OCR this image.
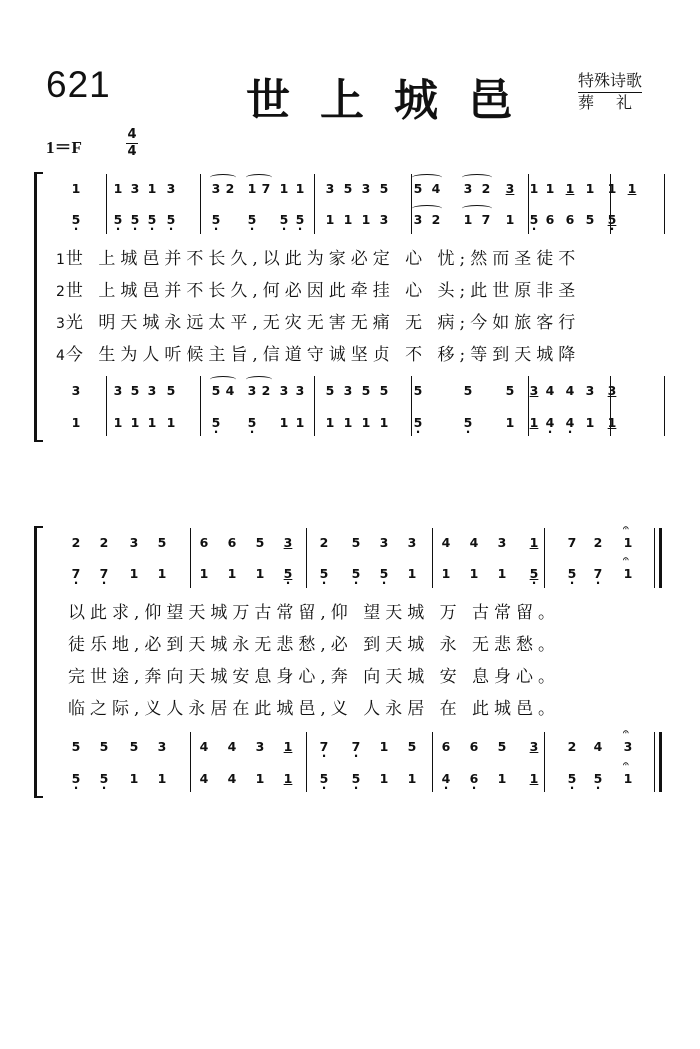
621	世上城邑 特殊诗歌
葬礼
1＝F
4
4
1	1 3 1 3	3 2 1 7 1 1 3 5 3 5 5 4 3 2 3 1 1 1 1 1 1
5 ·	5 · 5 · 5 · 5 ·	5 · 5 · 5 · 5 · 1 1 1 3 3 2 1 7 1 5 · 6 6 5 5 ·
1世 上城邑并不长久,以此为家必定 心 忧;然而圣徒不
2世 上城邑并不长久,何必因此牵挂 心 头;此世原非圣
3光 明天城永远太平,无灾无害无痛 无 病;今如旅客行
4今 生为人听候主旨,信道守诚坚贞 不 移;等到天城降
3	3 5 3 5	5 4 3 2 3 3 5 3 5 5 5	5	5 3 4 4 3 3
1	1 1 1 1	5 · 5 · 1 1 1 1 1 1 5 ·	5 ·	1 1 4 · 4 · 1 1
2 2 3 5	6 6 5 3 2 5 3 3 4 4 3 1 7 2 1
𝄐
7 · 7 · 1 1	1 1 1 5 · 5 · 5 · 5 · 1 1 1 1 5 · 5 · 7 · 1
𝄐
以此求,仰望天城万古常留,仰 望天城 万 古常留。
徒乐地,必到天城永无悲愁,必 到天城 永 无悲愁。
完世途,奔向天城安息身心,奔 向天城 安 息身心。
临之际,义人永居在此城邑,义 人永居 在 此城邑。
5 5 5 3	4 4 3 1 7 · 7 · 1 5 6 6 5 3 2 4 3
𝄐
5 · 5 · 1 1	4 4 1 1 5 · 5 · 1 1 4 · 6 · 1 1 5 · 5 · 1
𝄐
